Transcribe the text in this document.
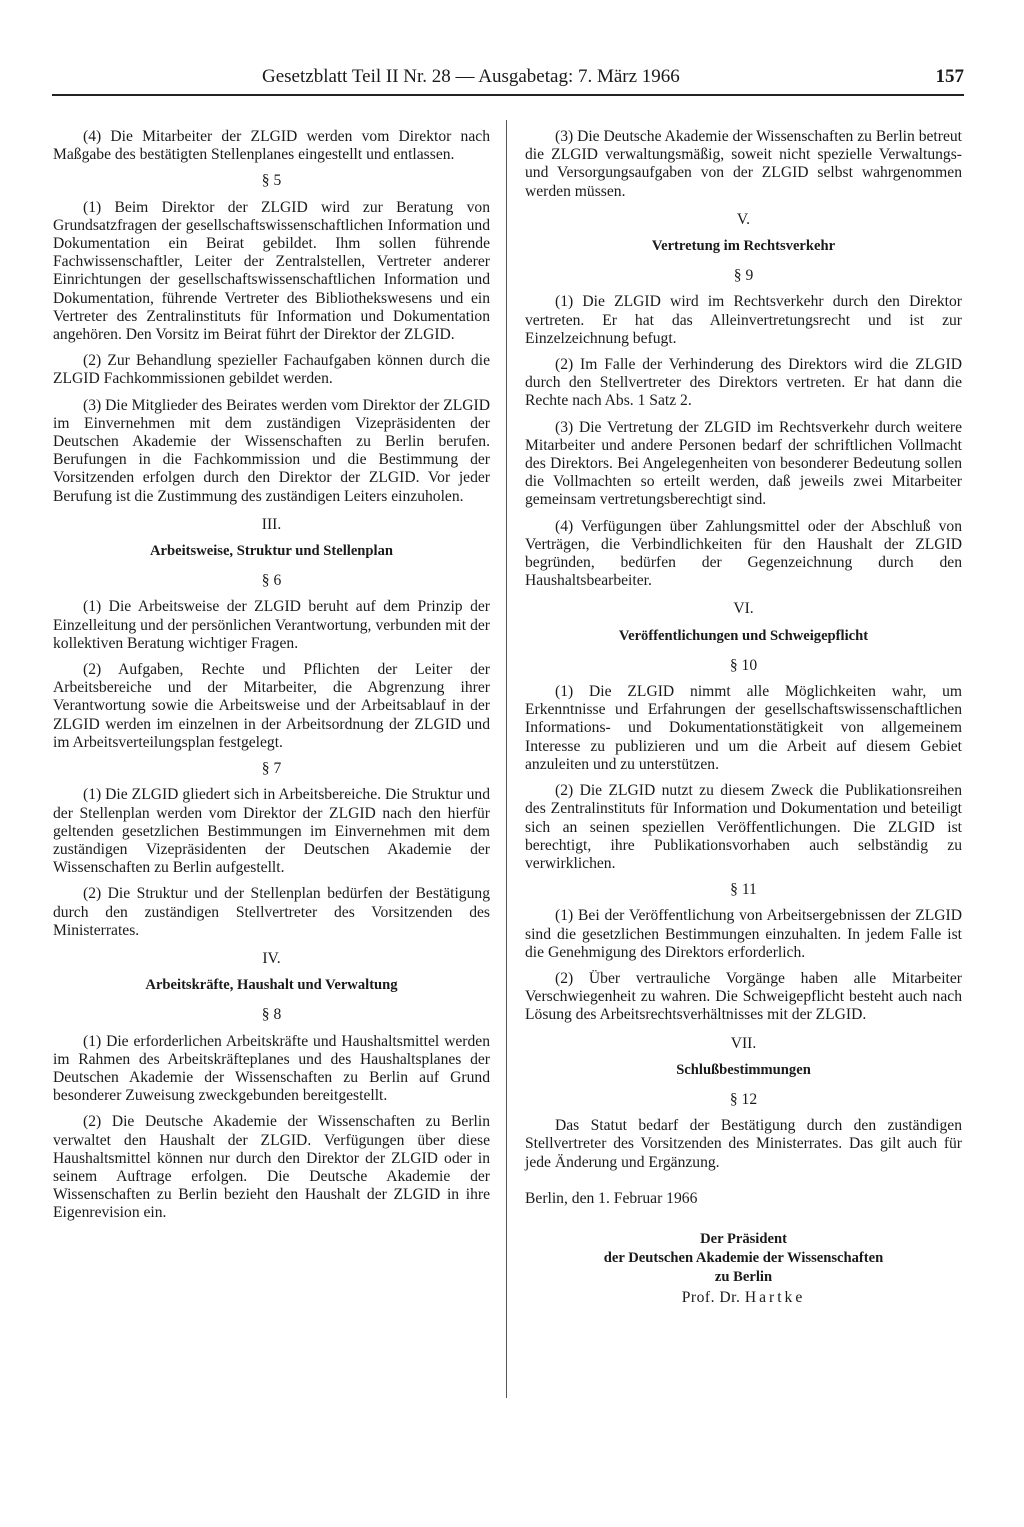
Gesetzblatt Teil II Nr. 28 — Ausgabetag: 7. März 1966	157

(4) Die Mitarbeiter der ZLGID werden vom Direktor nach Maßgabe des bestätigten Stellenplanes eingestellt und entlassen.

§ 5

(1) Beim Direktor der ZLGID wird zur Beratung von Grundsatzfragen der gesellschaftswissenschaftlichen Information und Dokumentation ein Beirat gebildet. Ihm sollen führende Fachwissenschaftler, Leiter der Zentralstellen, Vertreter anderer Einrichtungen der gesellschaftswissenschaftlichen Information und Dokumentation, führende Vertreter des Bibliothekswesens und ein Vertreter des Zentralinstituts für Information und Dokumentation angehören. Den Vorsitz im Beirat führt der Direktor der ZLGID.

(2) Zur Behandlung spezieller Fachaufgaben können durch die ZLGID Fachkommissionen gebildet werden.

(3) Die Mitglieder des Beirates werden vom Direktor der ZLGID im Einvernehmen mit dem zuständigen Vizepräsidenten der Deutschen Akademie der Wissenschaften zu Berlin berufen. Berufungen in die Fachkommission und die Bestimmung der Vorsitzenden erfolgen durch den Direktor der ZLGID. Vor jeder Berufung ist die Zustimmung des zuständigen Leiters einzuholen.

III.

Arbeitsweise, Struktur und Stellenplan

§ 6

(1) Die Arbeitsweise der ZLGID beruht auf dem Prinzip der Einzelleitung und der persönlichen Verantwortung, verbunden mit der kollektiven Beratung wichtiger Fragen.

(2) Aufgaben, Rechte und Pflichten der Leiter der Arbeitsbereiche und der Mitarbeiter, die Abgrenzung ihrer Verantwortung sowie die Arbeitsweise und der Arbeitsablauf in der ZLGID werden im einzelnen in der Arbeitsordnung der ZLGID und im Arbeitsverteilungsplan festgelegt.

§ 7

(1) Die ZLGID gliedert sich in Arbeitsbereiche. Die Struktur und der Stellenplan werden vom Direktor der ZLGID nach den hierfür geltenden gesetzlichen Bestimmungen im Einvernehmen mit dem zuständigen Vizepräsidenten der Deutschen Akademie der Wissenschaften zu Berlin aufgestellt.

(2) Die Struktur und der Stellenplan bedürfen der Bestätigung durch den zuständigen Stellvertreter des Vorsitzenden des Ministerrates.

IV.

Arbeitskräfte, Haushalt und Verwaltung

§ 8

(1) Die erforderlichen Arbeitskräfte und Haushaltsmittel werden im Rahmen des Arbeitskräfteplanes und des Haushaltsplanes der Deutschen Akademie der Wissenschaften zu Berlin auf Grund besonderer Zuweisung zweckgebunden bereitgestellt.

(2) Die Deutsche Akademie der Wissenschaften zu Berlin verwaltet den Haushalt der ZLGID. Verfügungen über diese Haushaltsmittel können nur durch den Direktor der ZLGID oder in seinem Auftrage erfolgen. Die Deutsche Akademie der Wissenschaften zu Berlin bezieht den Haushalt der ZLGID in ihre Eigenrevision ein.

(3) Die Deutsche Akademie der Wissenschaften zu Berlin betreut die ZLGID verwaltungsmäßig, soweit nicht spezielle Verwaltungs- und Versorgungsaufgaben von der ZLGID selbst wahrgenommen werden müssen.

V.

Vertretung im Rechtsverkehr

§ 9

(1) Die ZLGID wird im Rechtsverkehr durch den Direktor vertreten. Er hat das Alleinvertretungsrecht und ist zur Einzelzeichnung befugt.

(2) Im Falle der Verhinderung des Direktors wird die ZLGID durch den Stellvertreter des Direktors vertreten. Er hat dann die Rechte nach Abs. 1 Satz 2.

(3) Die Vertretung der ZLGID im Rechtsverkehr durch weitere Mitarbeiter und andere Personen bedarf der schriftlichen Vollmacht des Direktors. Bei Angelegenheiten von besonderer Bedeutung sollen die Vollmachten so erteilt werden, daß jeweils zwei Mitarbeiter gemeinsam vertretungsberechtigt sind.

(4) Verfügungen über Zahlungsmittel oder der Abschluß von Verträgen, die Verbindlichkeiten für den Haushalt der ZLGID begründen, bedürfen der Gegenzeichnung durch den Haushaltsbearbeiter.

VI.

Veröffentlichungen und Schweigepflicht

§ 10

(1) Die ZLGID nimmt alle Möglichkeiten wahr, um Erkenntnisse und Erfahrungen der gesellschaftswissenschaftlichen Informations- und Dokumentationstätigkeit von allgemeinem Interesse zu publizieren und um die Arbeit auf diesem Gebiet anzuleiten und zu unterstützen.

(2) Die ZLGID nutzt zu diesem Zweck die Publikationsreihen des Zentralinstituts für Information und Dokumentation und beteiligt sich an seinen speziellen Veröffentlichungen. Die ZLGID ist berechtigt, ihre Publikationsvorhaben auch selbständig zu verwirklichen.

§ 11

(1) Bei der Veröffentlichung von Arbeitsergebnissen der ZLGID sind die gesetzlichen Bestimmungen einzuhalten. In jedem Falle ist die Genehmigung des Direktors erforderlich.

(2) Über vertrauliche Vorgänge haben alle Mitarbeiter Verschwiegenheit zu wahren. Die Schweigepflicht besteht auch nach Lösung des Arbeitsrechtsverhältnisses mit der ZLGID.

VII.

Schlußbestimmungen

§ 12

Das Statut bedarf der Bestätigung durch den zuständigen Stellvertreter des Vorsitzenden des Ministerrates. Das gilt auch für jede Änderung und Ergänzung.

Berlin, den 1. Februar 1966

Der Präsident

der Deutschen Akademie der Wissenschaften

zu Berlin

Prof. Dr. Hartke
